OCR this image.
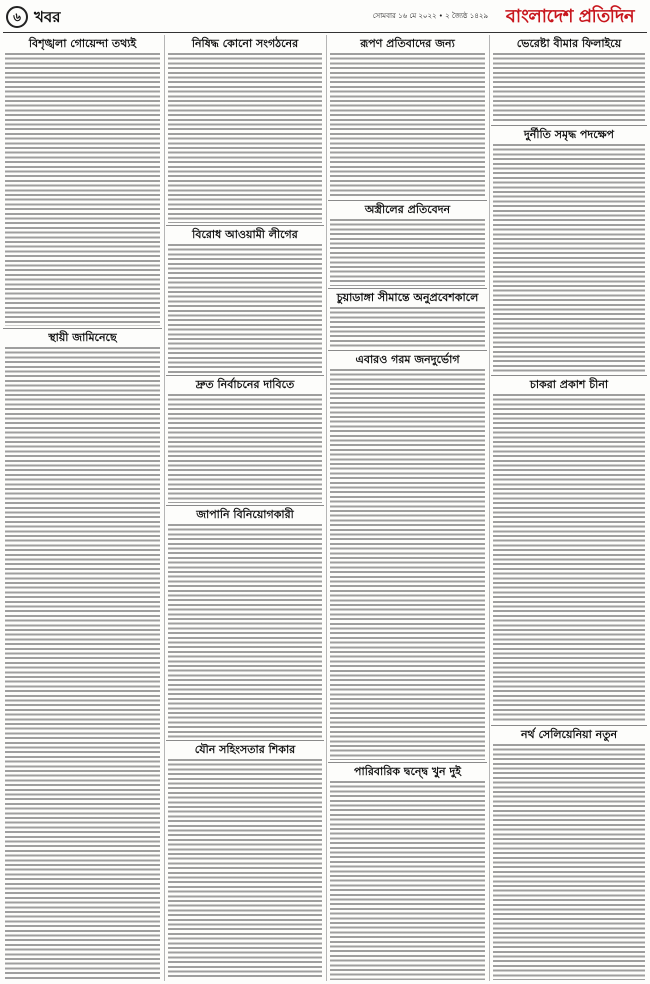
৬ খবর	সোমবার ১৬ মে ২০২২ • ২ জ্যৈষ্ঠ ১৪২৯ বাংলাদেশ প্রতিদিন
বিশৃঙ্খলা গোয়েন্দা তথ্যই
স্থায়ী জামিনেছে
নিষিদ্ধ কোনো সংগঠনের
বিরোধ আওয়ামী লীগের
দ্রুত নির্বাচনের দাবিতে
জাপানি বিনিয়োগকারী
যৌন সহিংসতার শিকার
রূপণ প্রতিবাদের জন্য
অস্ত্রীলের প্রতিবেদন
চুয়াডাঙ্গা সীমান্তে অনুপ্রবেশকালে
এবারও গরম জনদুর্ভোগ
পারিবারিক দ্বন্দ্বে খুন দুই
ভেরেষ্টা বীমার ফিলাইয়ে
দুর্নীতি সমৃদ্ধ পদক্ষেপ
চাকরা প্রকাশ চীনা
নর্থ সেলিয়েনিয়া নতুন
